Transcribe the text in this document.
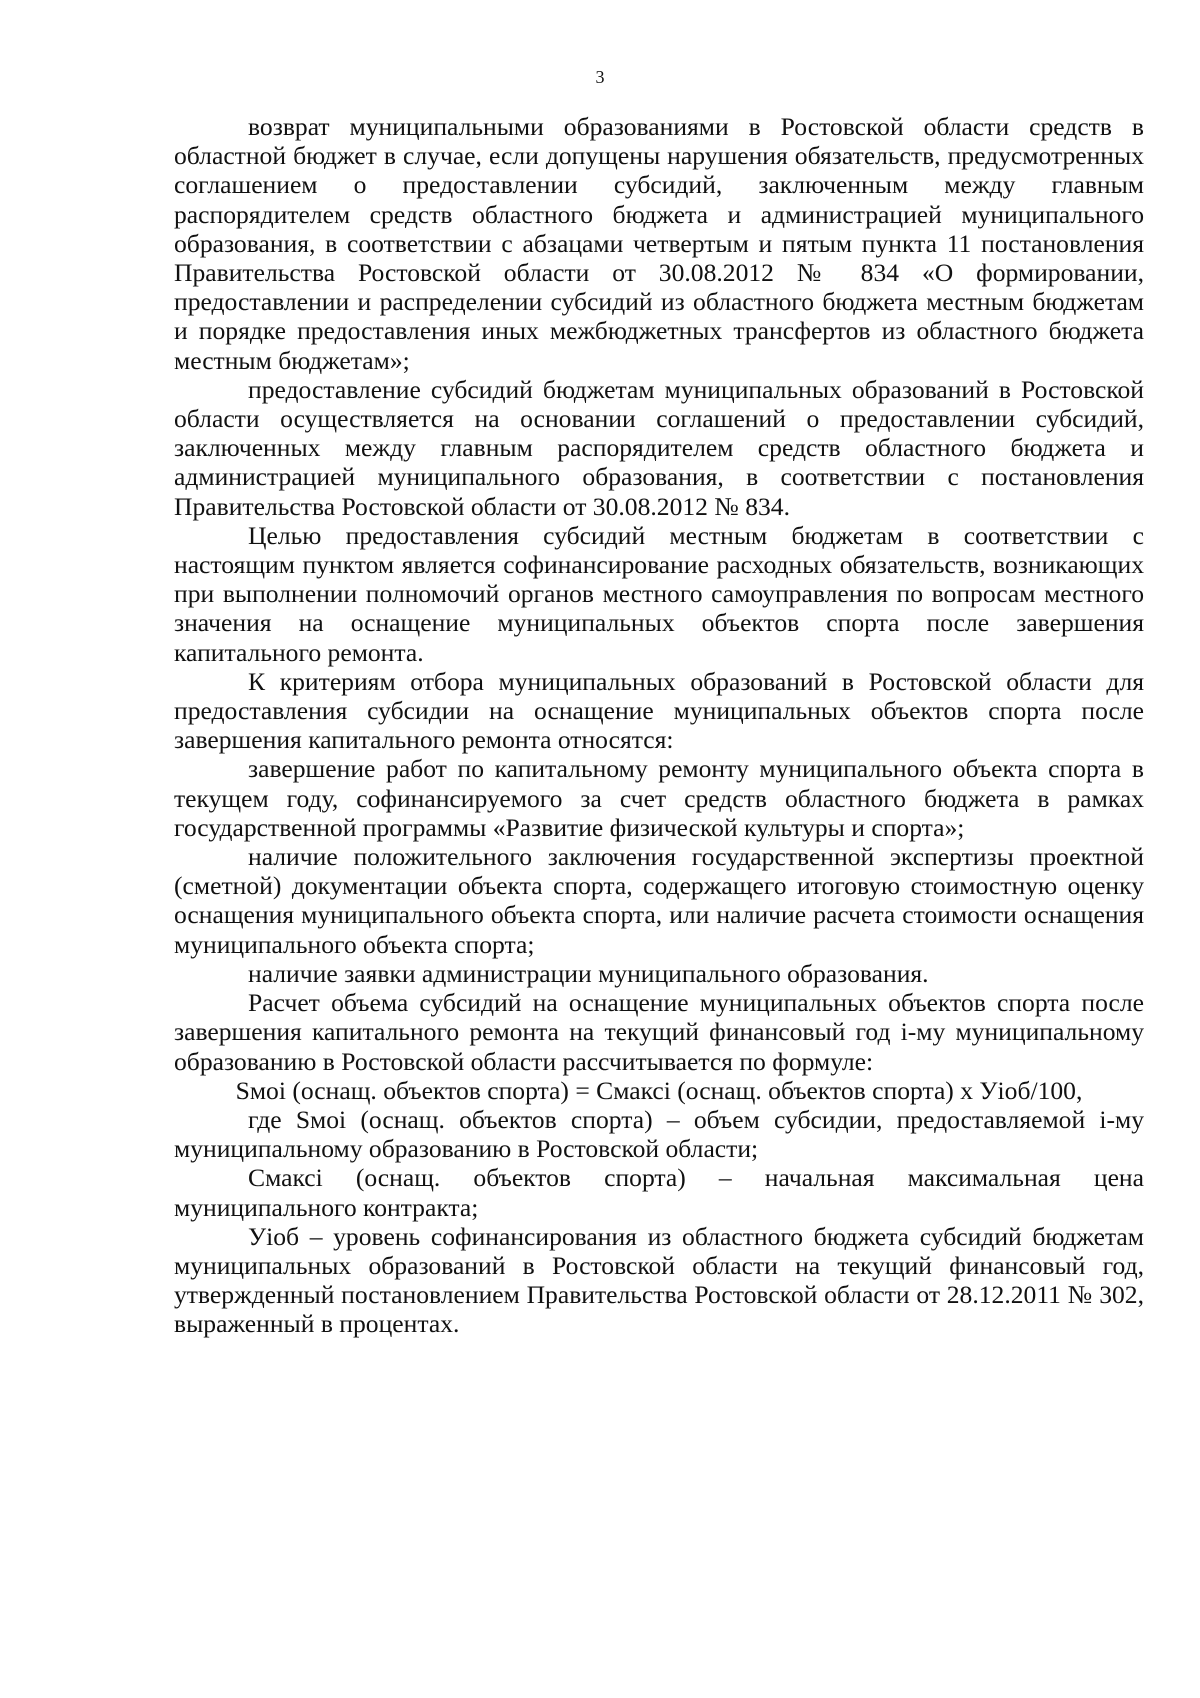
3

возврат муниципальными образованиями в Ростовской области средств в областной бюджет в случае, если допущены нарушения обязательств, предусмотренных соглашением о предоставлении субсидий, заключенным между главным распорядителем средств областного бюджета и администрацией муниципального образования, в соответствии с абзацами четвертым и пятым пункта 11 постановления Правительства Ростовской области от 30.08.2012 № 834 «О формировании, предоставлении и распределении субсидий из областного бюджета местным бюджетам и порядке предоставления иных межбюджетных трансфертов из областного бюджета местным бюджетам»;

предоставление субсидий бюджетам муниципальных образований в Ростовской области осуществляется на основании соглашений о предоставлении субсидий, заключенных между главным распорядителем средств областного бюджета и администрацией муниципального образования, в соответствии с постановления Правительства Ростовской области от 30.08.2012 № 834.

Целью предоставления субсидий местным бюджетам в соответствии с настоящим пунктом является софинансирование расходных обязательств, возникающих при выполнении полномочий органов местного самоуправления по вопросам местного значения на оснащение муниципальных объектов спорта после завершения капитального ремонта.

К критериям отбора муниципальных образований в Ростовской области для предоставления субсидии на оснащение муниципальных объектов спорта после завершения капитального ремонта относятся:

завершение работ по капитальному ремонту муниципального объекта спорта в текущем году, софинансируемого за счет средств областного бюджета в рамках государственной программы «Развитие физической культуры и спорта»;

наличие положительного заключения государственной экспертизы проектной (сметной) документации объекта спорта, содержащего итоговую стоимостную оценку оснащения муниципального объекта спорта, или наличие расчета стоимости оснащения муниципального объекта спорта;

наличие заявки администрации муниципального образования.

Расчет объема субсидий на оснащение муниципальных объектов спорта после завершения капитального ремонта на текущий финансовый год і-му муниципальному образованию в Ростовской области рассчитывается по формуле:

Sмоі (оснащ. объектов спорта) = Смаксі (оснащ. объектов спорта) х Уіоб/100,

где Sмоі (оснащ. объектов спорта) – объем субсидии, предоставляемой і-му муниципальному образованию в Ростовской области;

Смаксі (оснащ. объектов спорта) – начальная максимальная цена муниципального контракта;

Уіоб – уровень софинансирования из областного бюджета субсидий бюджетам муниципальных образований в Ростовской области на текущий финансовый год, утвержденный постановлением Правительства Ростовской области от 28.12.2011 № 302, выраженный в процентах.
